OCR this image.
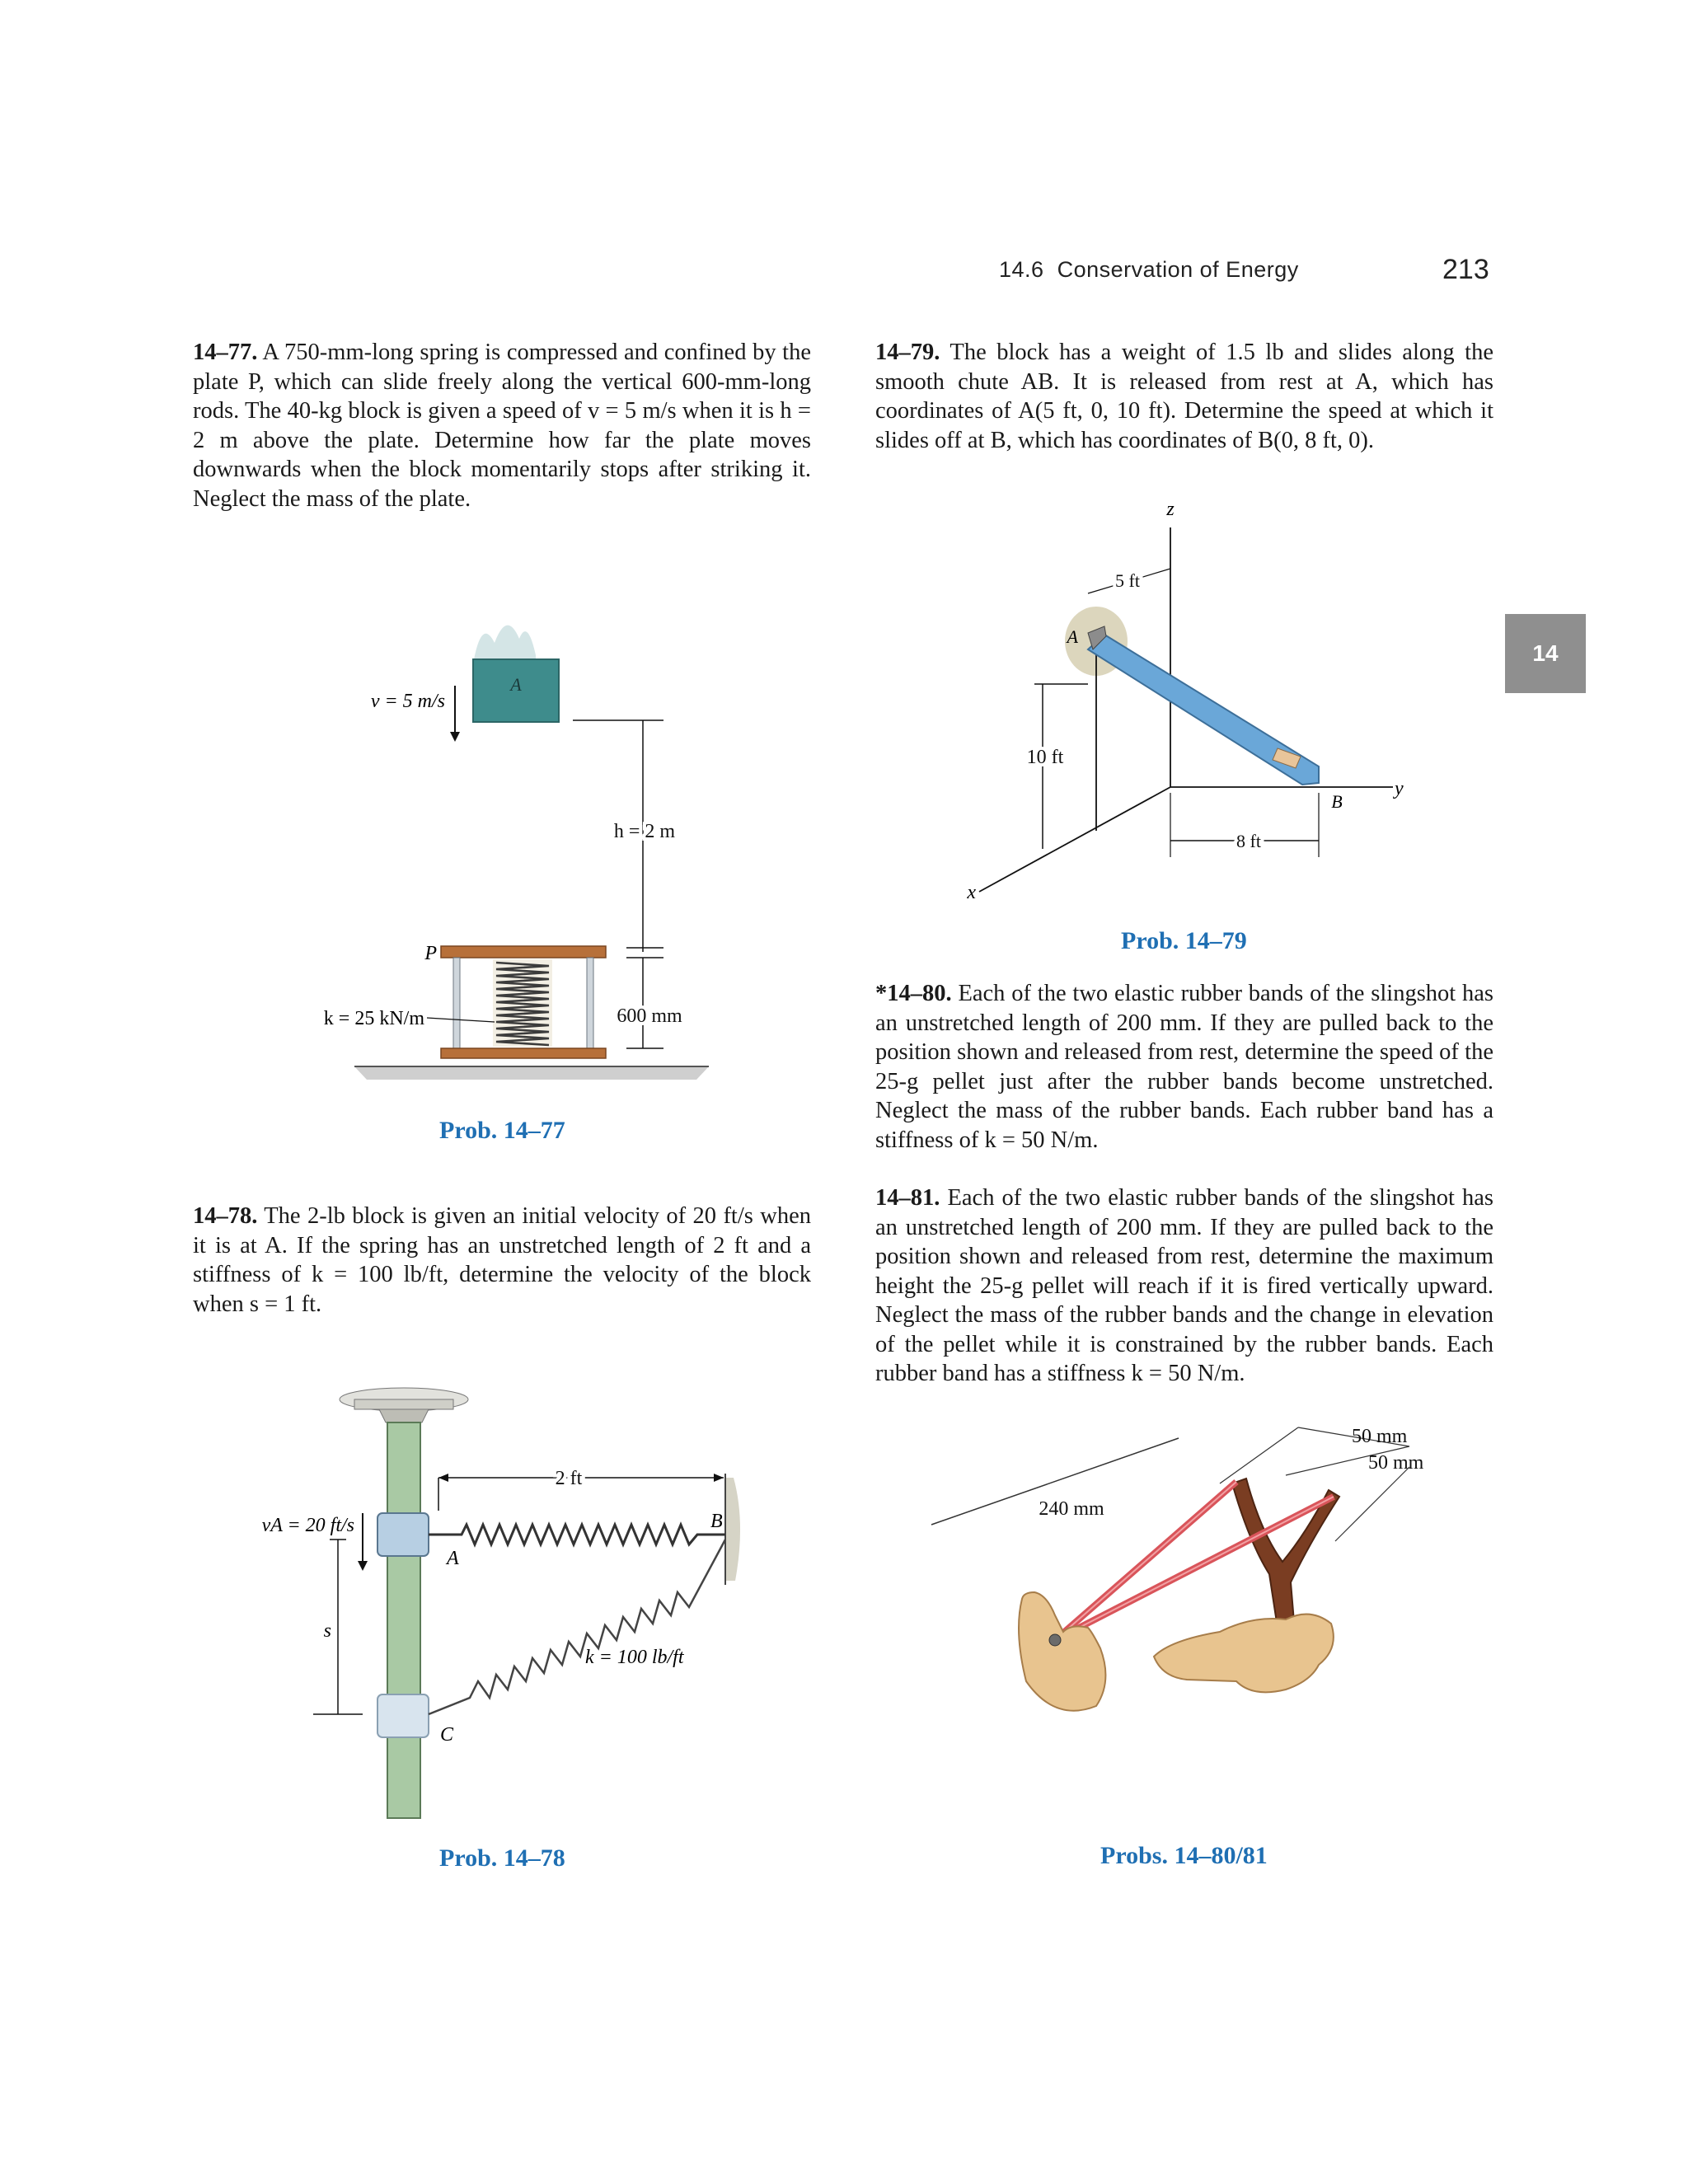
14.6 Conservation of Energy	213
14
14–77. A 750-mm-long spring is compressed and confined by the plate P, which can slide freely along the vertical 600-mm-long rods. The 40-kg block is given a speed of v = 5 m/s when it is h = 2 m above the plate. Determine how far the plate moves downwards when the block momentarily stops after striking it. Neglect the mass of the plate.
14–78. The 2-lb block is given an initial velocity of 20 ft/s when it is at A. If the spring has an unstretched length of 2 ft and a stiffness of k = 100 lb/ft, determine the velocity of the block when s = 1 ft.
14–79. The block has a weight of 1.5 lb and slides along the smooth chute AB. It is released from rest at A, which has coordinates of A(5 ft, 0, 10 ft). Determine the speed at which it slides off at B, which has coordinates of B(0, 8 ft, 0).
*14–80. Each of the two elastic rubber bands of the slingshot has an unstretched length of 200 mm. If they are pulled back to the position shown and released from rest, determine the speed of the 25-g pellet just after the rubber bands become unstretched. Neglect the mass of the rubber bands. Each rubber band has a stiffness of k = 50 N/m.
14–81. Each of the two elastic rubber bands of the slingshot has an unstretched length of 200 mm. If they are pulled back to the position shown and released from rest, determine the maximum height the 25-g pellet will reach if it is fired vertically upward. Neglect the mass of the rubber bands and the change in elevation of the pellet while it is constrained by the rubber bands. Each rubber band has a stiffness k = 50 N/m.
A
v = 5 m/s
h = 2 m
P
600 mm
k = 25 kN/m
Prob. 14–77
2 ft
A
B
C
vA = 20 ft/s
s
k = 100 lb/ft
Prob. 14–78
z
y
x
10 ft
5 ft
A
B
8 ft
Prob. 14–79
240 mm
50 mm
50 mm
Probs. 14–80/81
